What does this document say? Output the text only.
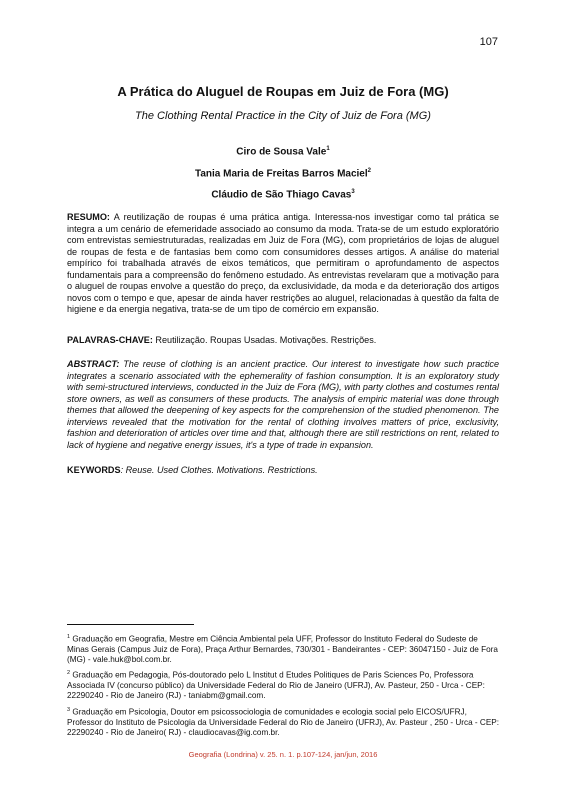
107
A Prática do Aluguel de Roupas em Juiz de Fora (MG)
The Clothing Rental Practice in the City of Juiz de Fora (MG)
Ciro de Sousa Vale$^1$
Tania Maria de Freitas Barros Maciel$^2$
Cláudio de São Thiago Cavas$^3$
RESUMO: A reutilização de roupas é uma prática antiga. Interessa-nos investigar como tal prática se integra a um cenário de efemeridade associado ao consumo da moda. Trata-se de um estudo exploratório com entrevistas semiestruturadas, realizadas em Juiz de Fora (MG), com proprietários de lojas de aluguel de roupas de festa e de fantasias bem como com consumidores desses artigos. A análise do material empírico foi trabalhada através de eixos temáticos, que permitiram o aprofundamento de aspectos fundamentais para a compreensão do fenômeno estudado. As entrevistas revelaram que a motivação para o aluguel de roupas envolve a questão do preço, da exclusividade, da moda e da deterioração dos artigos novos com o tempo e que, apesar de ainda haver restrições ao aluguel, relacionadas à questão da falta de higiene e da energia negativa, trata-se de um tipo de comércio em expansão.
PALAVRAS-CHAVE: Reutilização. Roupas Usadas. Motivações. Restrições.
ABSTRACT: The reuse of clothing is an ancient practice. Our interest to investigate how such practice integrates a scenario associated with the ephemerality of fashion consumption. It is an exploratory study with semi-structured interviews, conducted in the Juiz de Fora (MG), with party clothes and costumes rental store owners, as well as consumers of these products. The analysis of empiric material was done through themes that allowed the deepening of key aspects for the comprehension of the studied phenomenon. The interviews revealed that the motivation for the rental of clothing involves matters of price, exclusivity, fashion and deterioration of articles over time and that, although there are still restrictions on rent, related to lack of hygiene and negative energy issues, it's a type of trade in expansion.
KEYWORDS: Reuse. Used Clothes. Motivations. Restrictions.
$^1$ Graduação em Geografia, Mestre em Ciência Ambiental pela UFF, Professor do Instituto Federal do Sudeste de Minas Gerais (Campus Juiz de Fora), Praça Arthur Bernardes, 730/301 - Bandeirantes - CEP: 36047150 - Juiz de Fora (MG) - vale.huk@bol.com.br.
$^2$ Graduação em Pedagogia, Pós-doutorado pelo L Institut d Etudes Politiques de Paris Sciences Po, Professora Associada IV (concurso público) da Universidade Federal do Rio de Janeiro (UFRJ), Av. Pasteur, 250 - Urca - CEP: 22290240 - Rio de Janeiro (RJ) - taniabm@gmail.com.
$^3$ Graduação em Psicologia, Doutor em psicossociologia de comunidades e ecologia social pelo EICOS/UFRJ, Professor do Instituto de Psicologia da Universidade Federal do Rio de Janeiro (UFRJ), Av. Pasteur , 250 - Urca - CEP: 22290240 - Rio de Janeiro( RJ) - claudiocavas@ig.com.br.
Geografia (Londrina) v. 25. n. 1. p.107-124, jan/jun, 2016
